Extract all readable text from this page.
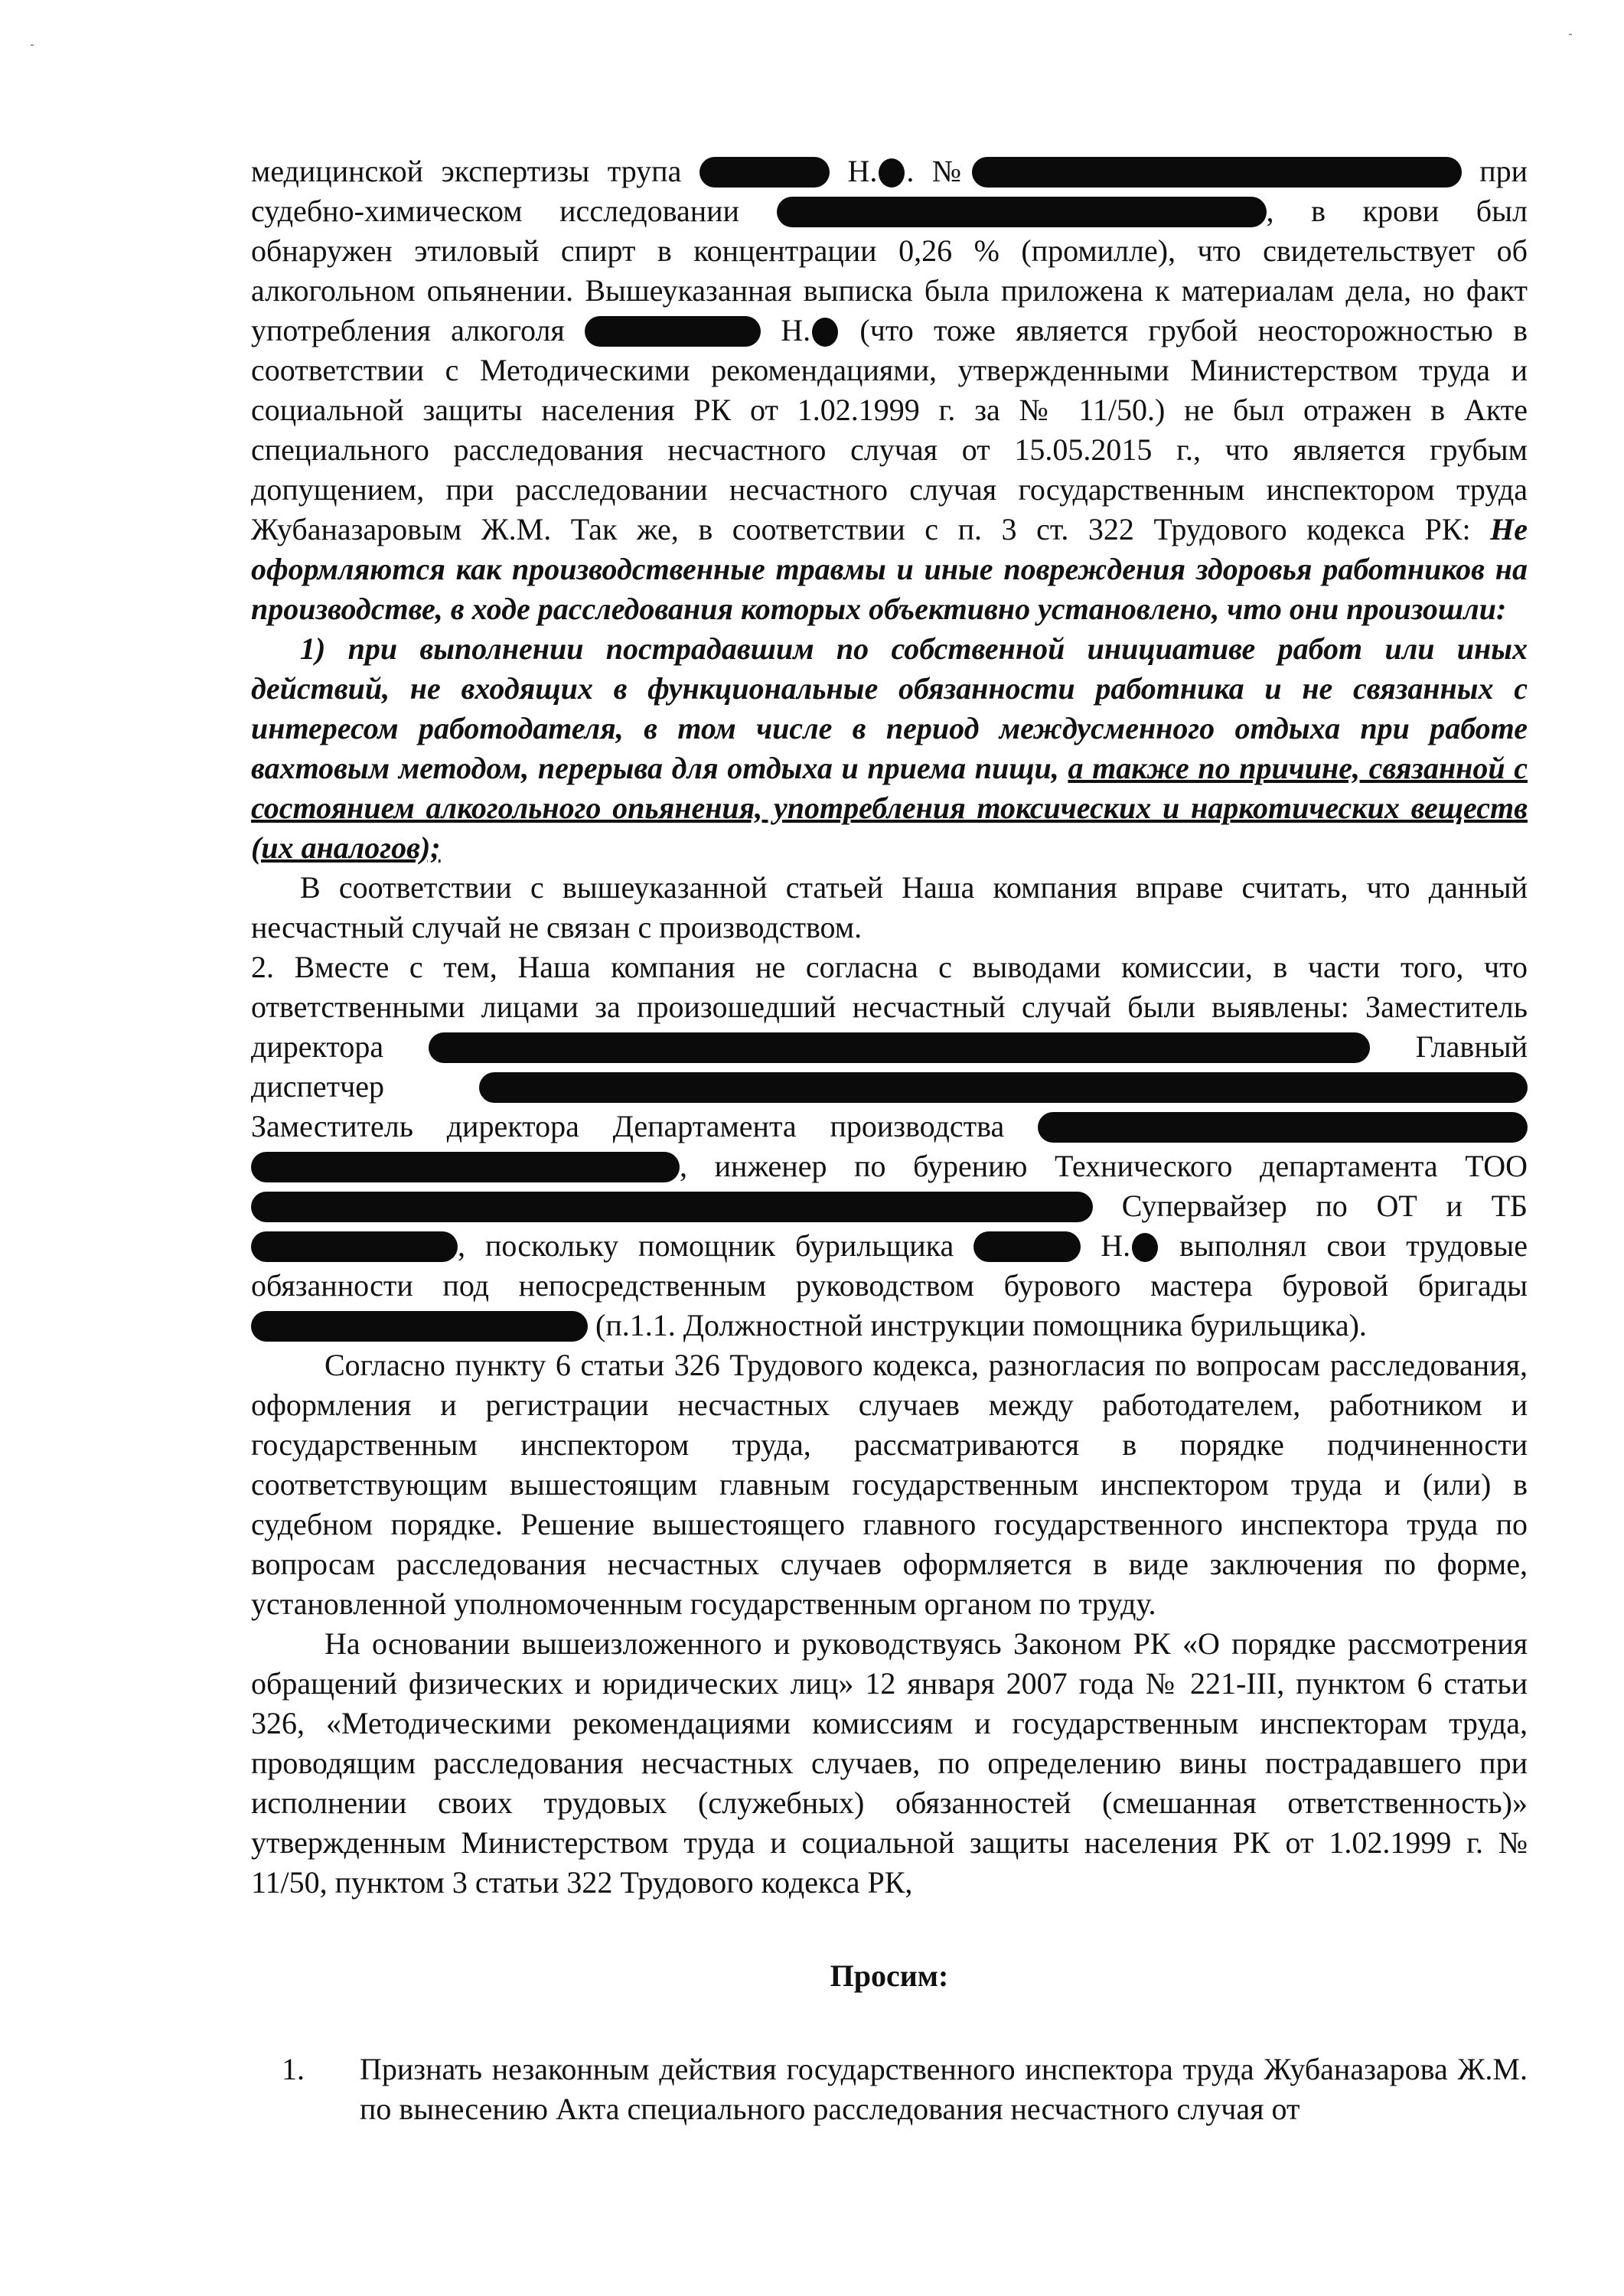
медицинской экспертизы трупа	Н. . №	при судебно-химическом исследовании	, в крови был обнаружен этиловый спирт в концентрации 0,26 % (промилле), что свидетельствует об алкогольном опьянении. Вышеуказанная выписка была приложена к материалам дела, но факт употребления алкоголя	Н. (что тоже является грубой неосторожностью в соответствии с Методическими рекомендациями, утвержденными Министерством труда и социальной защиты населения РК от 1.02.1999 г. за № 11/50.) не был отражен в Акте специального расследования несчастного случая от 15.05.2015 г., что является грубым допущением, при расследовании несчастного случая государственным инспектором труда Жубаназаровым Ж.М. Так же, в соответствии с п. 3 ст. 322 Трудового кодекса РК: Не оформляются как производственные травмы и иные повреждения здоровья работников на производстве, в ходе расследования которых объективно установлено, что они произошли:

1) при выполнении пострадавшим по собственной инициативе работ или иных действий, не входящих в функциональные обязанности работника и не связанных с интересом работодателя, в том числе в период междусменного отдыха при работе вахтовым методом, перерыва для отдыха и приема пищи, а также по причине, связанной с состоянием алкогольного опьянения, употребления токсических и наркотических веществ (их аналогов);

В соответствии с вышеуказанной статьей Наша компания вправе считать, что данный несчастный случай не связан с производством.

2. Вместе с тем, Наша компания не согласна с выводами комиссии, в части того, что ответственными лицами за произошедший несчастный случай были выявлены: Заместитель директора	Главный диспетчер  Заместитель директора Департамента производства  , инженер по бурению Технического департамента ТОО  Супервайзер по ОТ и ТБ , поскольку помощник бурильщика	Н. выполнял свои трудовые обязанности под непосредственным руководством бурового мастера буровой бригады  (п.1.1. Должностной инструкции помощника бурильщика).

Согласно пункту 6 статьи 326 Трудового кодекса, разногласия по вопросам расследования, оформления и регистрации несчастных случаев между работодателем, работником и государственным инспектором труда, рассматриваются в порядке подчиненности соответствующим вышестоящим главным государственным инспектором труда и (или) в судебном порядке. Решение вышестоящего главного государственного инспектора труда по вопросам расследования несчастных случаев оформляется в виде заключения по форме, установленной уполномоченным государственным органом по труду.

На основании вышеизложенного и руководствуясь Законом РК «О порядке рассмотрения обращений физических и юридических лиц» 12 января 2007 года № 221-III, пунктом 6 статьи 326, «Методическими рекомендациями комиссиям и государственным инспекторам труда, проводящим расследования несчастных случаев, по определению вины пострадавшего при исполнении своих трудовых (служебных) обязанностей (смешанная ответственность)» утвержденным Министерством труда и социальной защиты населения РК от 1.02.1999 г. № 11/50, пунктом 3 статьи 322 Трудового кодекса РК,

Просим:

1. Признать незаконным действия государственного инспектора труда Жубаназарова Ж.М. по вынесению Акта специального расследования несчастного случая от
